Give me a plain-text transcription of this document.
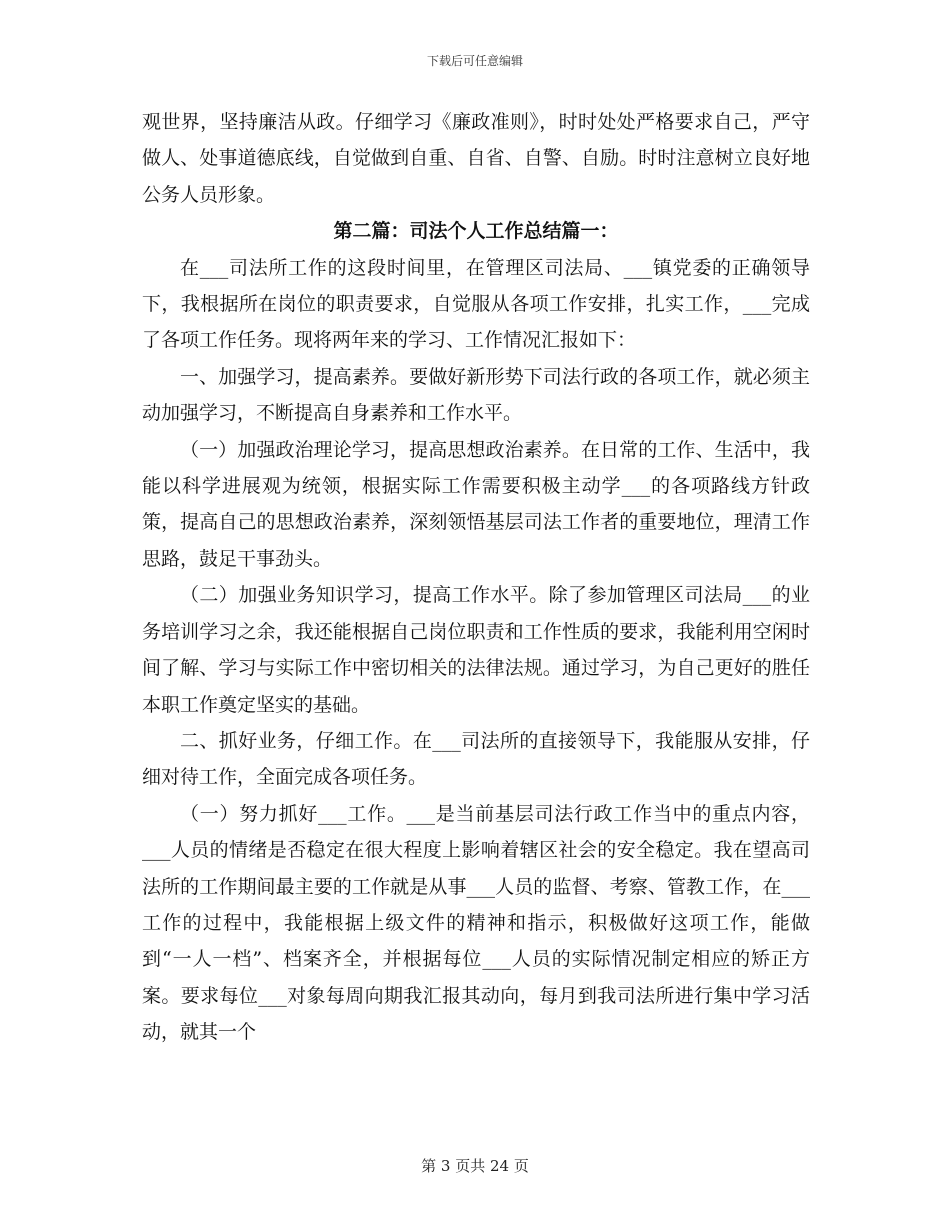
下载后可任意编辑

观世界，坚持廉洁从政。仔细学习《廉政准则》，时时处处严格要求自己，严守做人、处事道德底线，自觉做到自重、自省、自警、自励。时时注意树立良好地公务人员形象。

第二篇：司法个人工作总结篇一：

在___司法所工作的这段时间里，在管理区司法局、___镇党委的正确领导下，我根据所在岗位的职责要求，自觉服从各项工作安排，扎实工作，___完成了各项工作任务。现将两年来的学习、工作情况汇报如下：

一、加强学习，提高素养。要做好新形势下司法行政的各项工作，就必须主动加强学习，不断提高自身素养和工作水平。

（一）加强政治理论学习，提高思想政治素养。在日常的工作、生活中，我能以科学进展观为统领，根据实际工作需要积极主动学___的各项路线方针政策，提高自己的思想政治素养，深刻领悟基层司法工作者的重要地位，理清工作思路，鼓足干事劲头。

（二）加强业务知识学习，提高工作水平。除了参加管理区司法局___的业务培训学习之余，我还能根据自己岗位职责和工作性质的要求，我能利用空闲时间了解、学习与实际工作中密切相关的法律法规。通过学习，为自己更好的胜任本职工作奠定坚实的基础。

二、抓好业务，仔细工作。在___司法所的直接领导下，我能服从安排，仔细对待工作，全面完成各项任务。

（一）努力抓好___工作。___是当前基层司法行政工作当中的重点内容，___人员的情绪是否稳定在很大程度上影响着辖区社会的安全稳定。我在望高司法所的工作期间最主要的工作就是从事___人员的监督、考察、管教工作，在___工作的过程中，我能根据上级文件的精神和指示，积极做好这项工作，能做到“一人一档”、档案齐全，并根据每位___人员的实际情况制定相应的矫正方案。要求每位___对象每周向期我汇报其动向，每月到我司法所进行集中学习活动，就其一个

第 3 页共 24 页
